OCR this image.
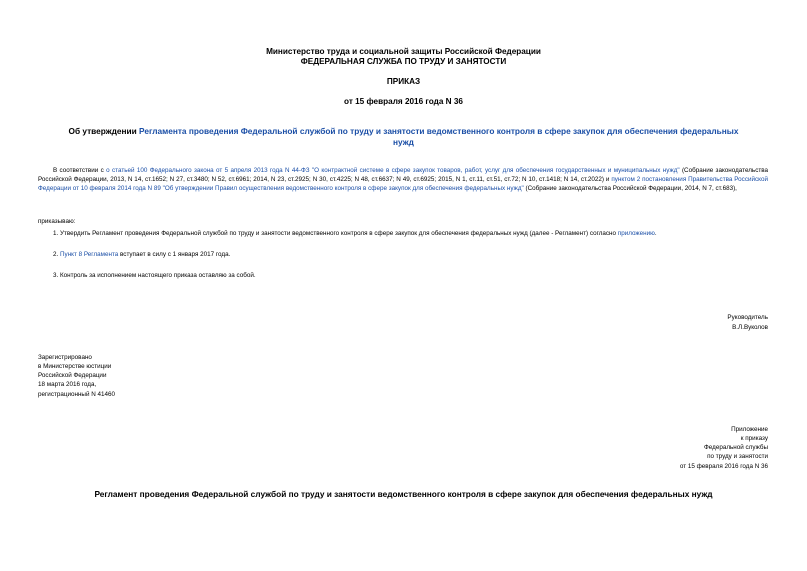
Министерство труда и социальной защиты Российской Федерации
ФЕДЕРАЛЬНАЯ СЛУЖБА ПО ТРУДУ И ЗАНЯТОСТИ
ПРИКАЗ
от 15 февраля 2016 года N 36
Об утверждении Регламента проведения Федеральной службой по труду и занятости ведомственного контроля в сфере закупок для обеспечения федеральных
нужд
В соответствии с о статьей 100 Федерального закона от 5 апреля 2013 года N 44-ФЗ "О контрактной системе в сфере закупок товаров, работ, услуг для обеспечения государственных и муниципальных нужд" (Собрание законодательства Российской Федерации, 2013, N 14, ст.1652; N 27, ст.3480; N 52, ст.6961; 2014, N 23, ст.2925; N 30, ст.4225; N 48, ст.6637; N 49, ст.6925; 2015, N 1, ст.11, ст.51, ст.72; N 10, ст.1418; N 14, ст.2022) и пунктом 2 постановления Правительства Российской Федерации от 10 февраля 2014 года N 89 "Об утверждении Правил осуществления ведомственного контроля в сфере закупок для обеспечения федеральных нужд" (Собрание законодательства Российской Федерации, 2014, N 7, ст.683),
приказываю:
1. Утвердить Регламент проведения Федеральной службой по труду и занятости ведомственного контроля в сфере закупок для обеспечения федеральных нужд (далее - Регламент) согласно приложению.
2. Пункт 8 Регламента вступает в силу с 1 января 2017 года.
3. Контроль за исполнением настоящего приказа оставляю за собой.
Руководитель
В.Л.Вуколов
Зарегистрировано
в Министерстве юстиции
Российской Федерации
18 марта 2016 года,
регистрационный N 41460
Приложение
к приказу
Федеральной службы
по труду и занятости
от 15 февраля 2016 года N 36
Регламент проведения Федеральной службой по труду и занятости ведомственного контроля в сфере закупок для обеспечения федеральных нужд
